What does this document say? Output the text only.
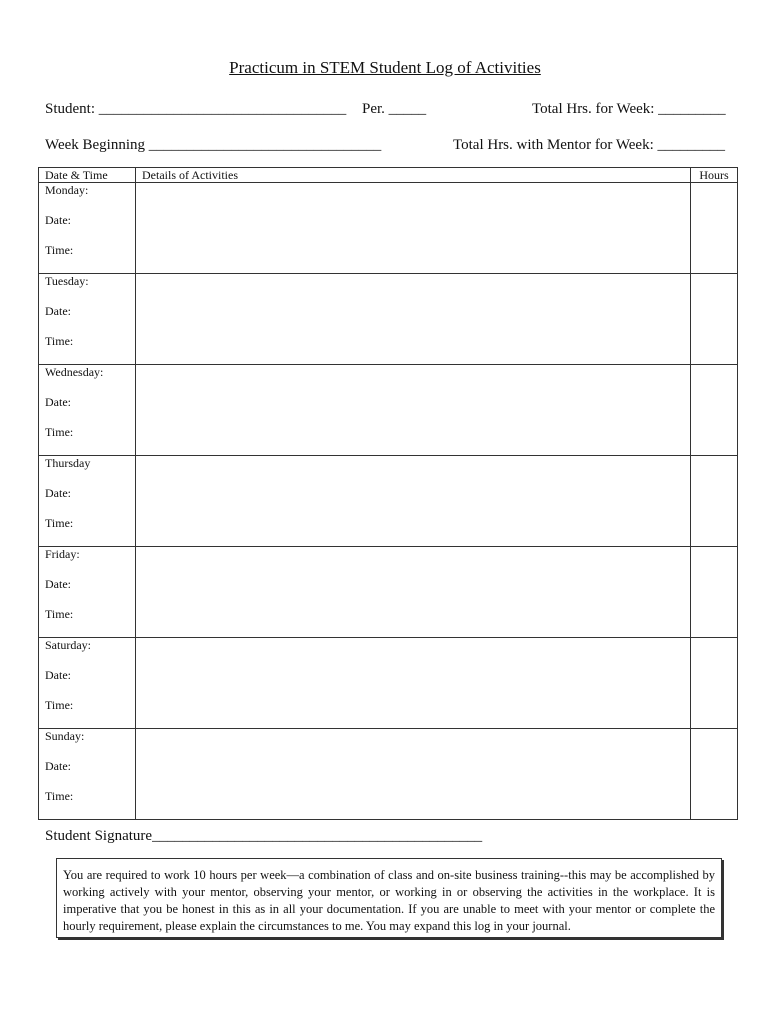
Practicum in STEM Student Log of Activities
Student: _________________________________ Per. _____	Total Hrs. for Week: _________
Week Beginning _______________________________	Total Hrs. with Mentor for Week: _________
Date & Time	Details of Activities	Hours

Monday:
Date:
Time:		

Tuesday:
Date:
Time:		

Wednesday:
Date:
Time:		

Thursday
Date:
Time:		

Friday:
Date:
Time:		

Saturday:
Date:
Time:		

Sunday:
Date:
Time:		

Student Signature____________________________________________
You are required to work 10 hours per week—a combination of class and on-site business training--this may be accomplished by working actively with your mentor, observing your mentor, or working in or observing the activities in the workplace. It is imperative that you be honest in this as in all your documentation. If you are unable to meet with your mentor or complete the hourly requirement, please explain the circumstances to me. You may expand this log in your journal.
